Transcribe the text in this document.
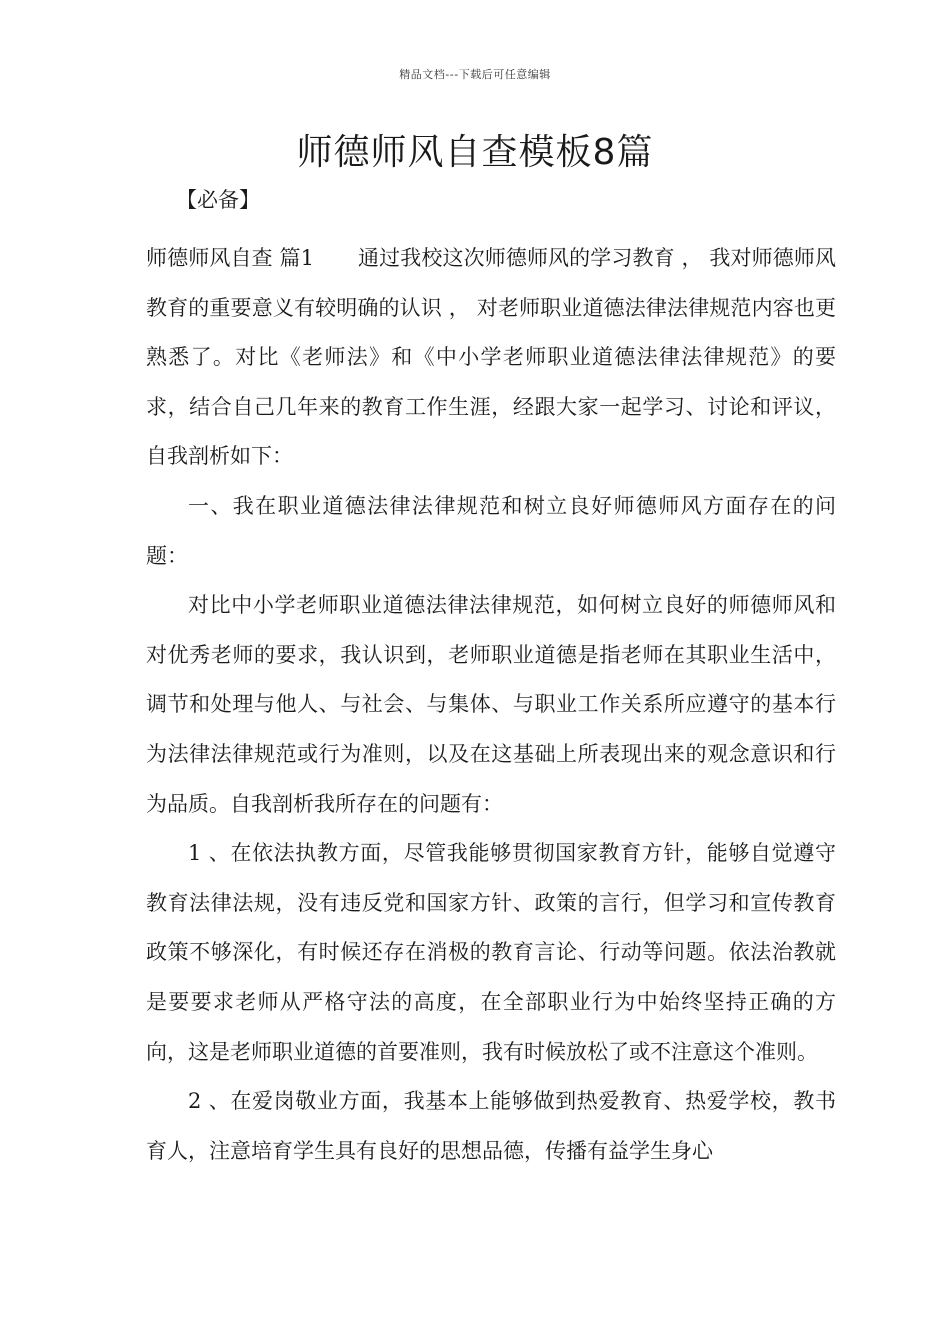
精品文档---下载后可任意编辑
师德师风自查模板8篇
【必备】

师德师风自查 篇1 通过我校这次师德师风的学习教育 ， 我对师德师风教育的重要意义有较明确的认识 ， 对老师职业道德法律法律规范内容也更熟悉了。对比《老师法》和《中小学老师职业道德法律法律规范》的要求，结合自己几年来的教育工作生涯，经跟大家一起学习、讨论和评议，自我剖析如下：

一、我在职业道德法律法律规范和树立良好师德师风方面存在的问题：

对比中小学老师职业道德法律法律规范，如何树立良好的师德师风和对优秀老师的要求，我认识到，老师职业道德是指老师在其职业生活中，调节和处理与他人、与社会、与集体、与职业工作关系所应遵守的基本行为法律法律规范或行为准则，以及在这基础上所表现出来的观念意识和行为品质。自我剖析我所存在的问题有：

1 、在依法执教方面，尽管我能够贯彻国家教育方针，能够自觉遵守教育法律法规，没有违反党和国家方针、政策的言行，但学习和宣传教育政策不够深化，有时候还存在消极的教育言论、行动等问题。依法治教就是要要求老师从严格守法的高度，在全部职业行为中始终坚持正确的方向，这是老师职业道德的首要准则，我有时候放松了或不注意这个准则。

2 、在爱岗敬业方面，我基本上能够做到热爱教育、热爱学校，教书育人，注意培育学生具有良好的思想品德，传播有益学生身心
